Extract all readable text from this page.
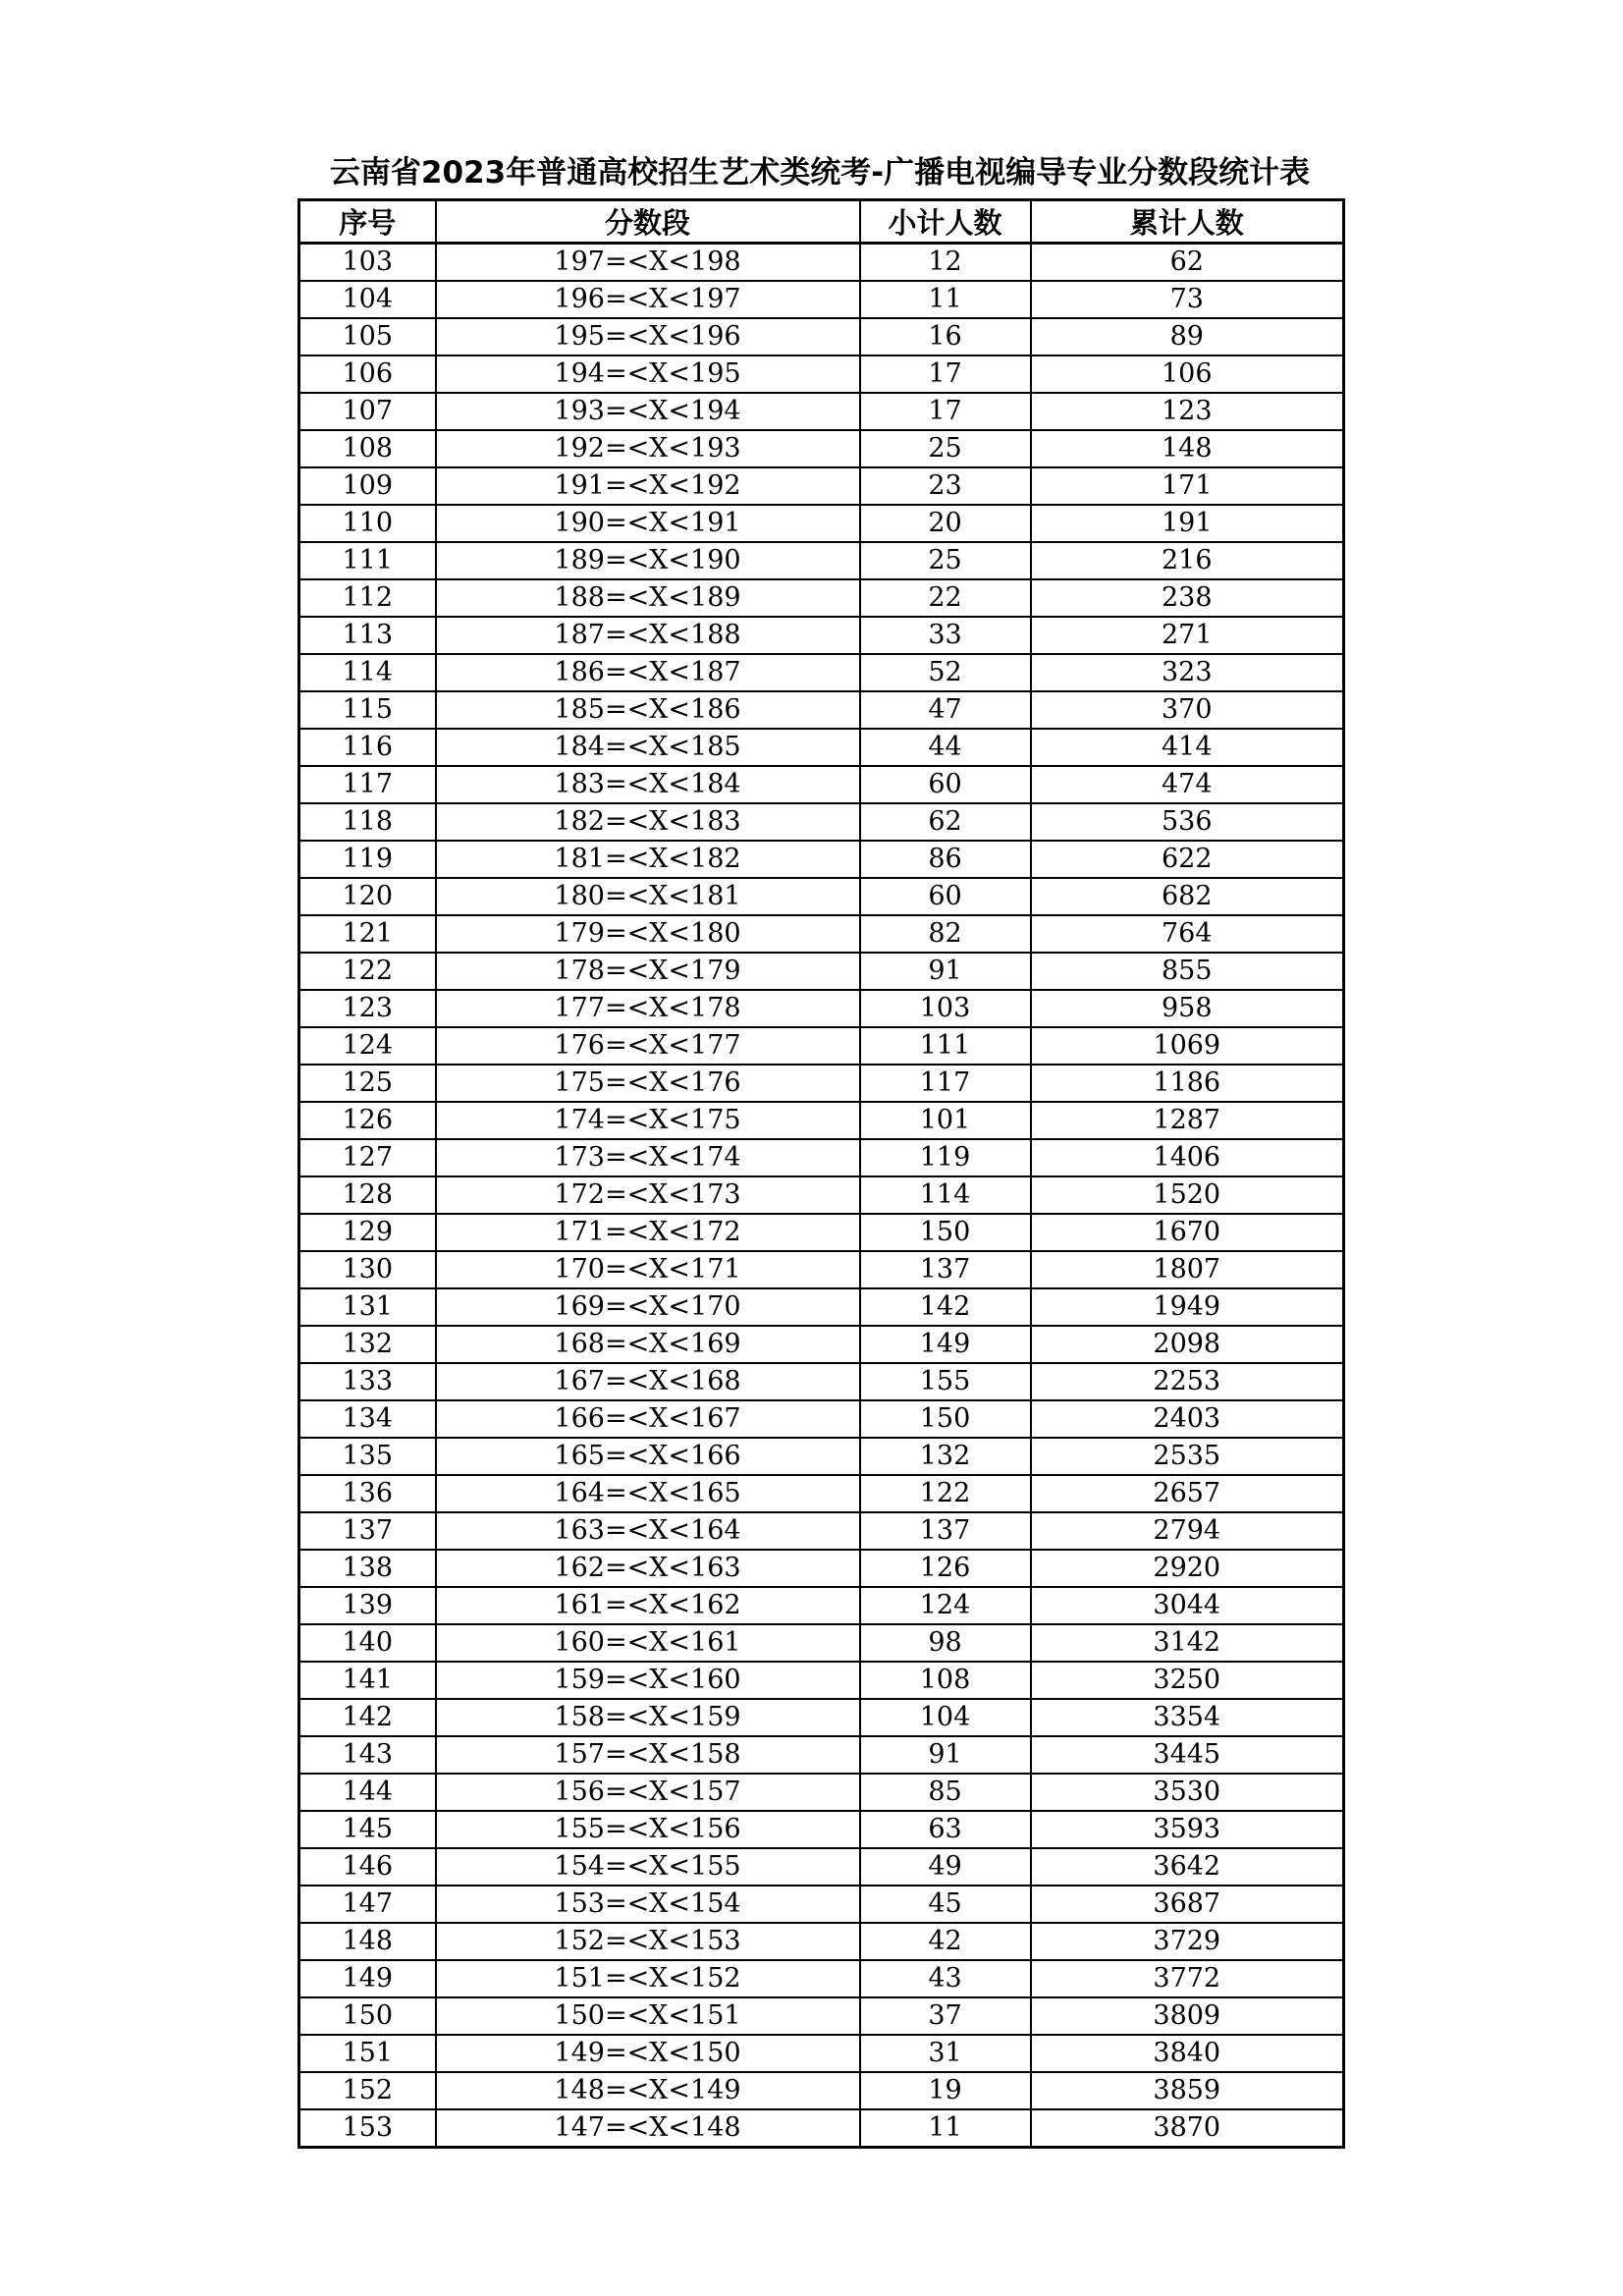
云南省2023年普通高校招生艺术类统考-广播电视编导专业分数段统计表
序号	分数段	小计人数	累计人数
103	197=<X<198	12	62
104	196=<X<197	11	73
105	195=<X<196	16	89
106	194=<X<195	17	106
107	193=<X<194	17	123
108	192=<X<193	25	148
109	191=<X<192	23	171
110	190=<X<191	20	191
111	189=<X<190	25	216
112	188=<X<189	22	238
113	187=<X<188	33	271
114	186=<X<187	52	323
115	185=<X<186	47	370
116	184=<X<185	44	414
117	183=<X<184	60	474
118	182=<X<183	62	536
119	181=<X<182	86	622
120	180=<X<181	60	682
121	179=<X<180	82	764
122	178=<X<179	91	855
123	177=<X<178	103	958
124	176=<X<177	111	1069
125	175=<X<176	117	1186
126	174=<X<175	101	1287
127	173=<X<174	119	1406
128	172=<X<173	114	1520
129	171=<X<172	150	1670
130	170=<X<171	137	1807
131	169=<X<170	142	1949
132	168=<X<169	149	2098
133	167=<X<168	155	2253
134	166=<X<167	150	2403
135	165=<X<166	132	2535
136	164=<X<165	122	2657
137	163=<X<164	137	2794
138	162=<X<163	126	2920
139	161=<X<162	124	3044
140	160=<X<161	98	3142
141	159=<X<160	108	3250
142	158=<X<159	104	3354
143	157=<X<158	91	3445
144	156=<X<157	85	3530
145	155=<X<156	63	3593
146	154=<X<155	49	3642
147	153=<X<154	45	3687
148	152=<X<153	42	3729
149	151=<X<152	43	3772
150	150=<X<151	37	3809
151	149=<X<150	31	3840
152	148=<X<149	19	3859
153	147=<X<148	11	3870
